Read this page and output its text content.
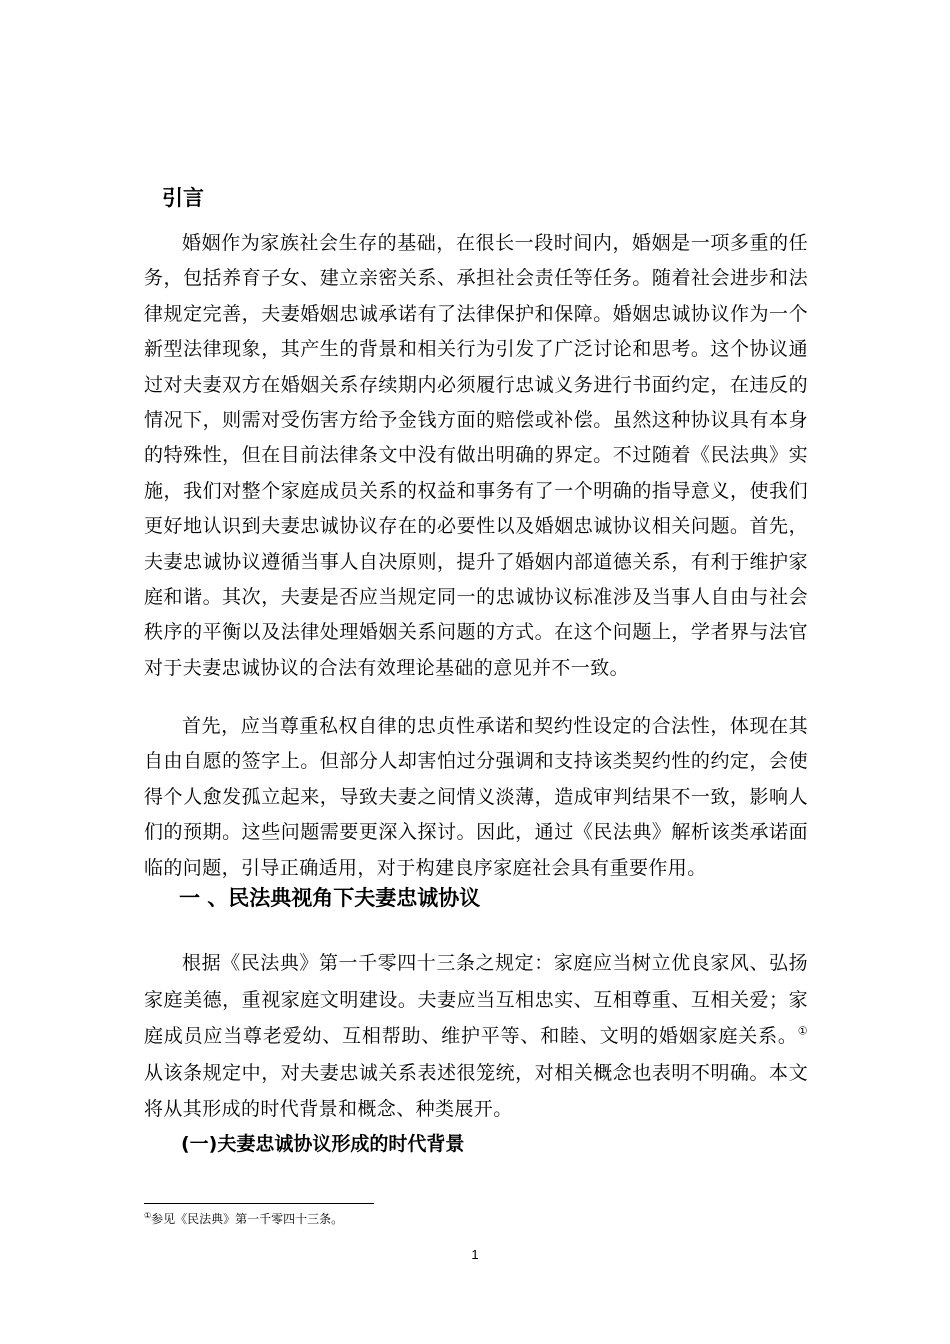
引言

婚姻作为家族社会生存的基础，在很长一段时间内，婚姻是一项多重的任务，包括养育子女、建立亲密关系、承担社会责任等任务。随着社会进步和法律规定完善，夫妻婚姻忠诚承诺有了法律保护和保障。婚姻忠诚协议作为一个新型法律现象，其产生的背景和相关行为引发了广泛讨论和思考。这个协议通过对夫妻双方在婚姻关系存续期内必须履行忠诚义务进行书面约定，在违反的情况下，则需对受伤害方给予金钱方面的赔偿或补偿。虽然这种协议具有本身的特殊性，但在目前法律条文中没有做出明确的界定。不过随着《民法典》实施，我们对整个家庭成员关系的权益和事务有了一个明确的指导意义，使我们更好地认识到夫妻忠诚协议存在的必要性以及婚姻忠诚协议相关问题。首先，夫妻忠诚协议遵循当事人自决原则，提升了婚姻内部道德关系，有利于维护家庭和谐。其次，夫妻是否应当规定同一的忠诚协议标准涉及当事人自由与社会秩序的平衡以及法律处理婚姻关系问题的方式。在这个问题上，学者界与法官对于夫妻忠诚协议的合法有效理论基础的意见并不一致。

首先，应当尊重私权自律的忠贞性承诺和契约性设定的合法性，体现在其自由自愿的签字上。但部分人却害怕过分强调和支持该类契约性的约定，会使得个人愈发孤立起来，导致夫妻之间情义淡薄，造成审判结果不一致，影响人们的预期。这些问题需要更深入探讨。因此，通过《民法典》解析该类承诺面临的问题，引导正确适用，对于构建良序家庭社会具有重要作用。

一 、民法典视角下夫妻忠诚协议

根据《民法典》第一千零四十三条之规定：家庭应当树立优良家风、弘扬家庭美德，重视家庭文明建设。夫妻应当互相忠实、互相尊重、互相关爱；家庭成员应当尊老爱幼、互相帮助、维护平等、和睦、文明的婚姻家庭关系。①从该条规定中，对夫妻忠诚关系表述很笼统，对相关概念也表明不明确。本文将从其形成的时代背景和概念、种类展开。

(一)夫妻忠诚协议形成的时代背景
①参见《民法典》第一千零四十三条。
1
